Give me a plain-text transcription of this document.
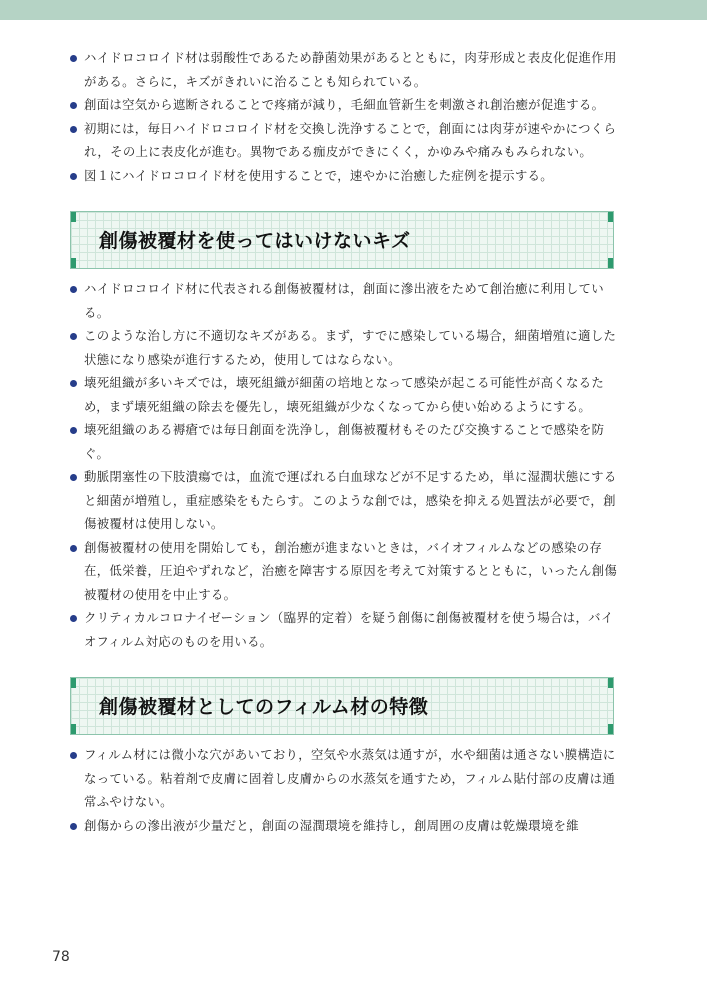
ハイドロコロイド材は弱酸性であるため静菌効果があるとともに，肉芽形成と表皮化促進作用がある。さらに，キズがきれいに治ることも知られている。
創面は空気から遮断されることで疼痛が減り，毛細血管新生を刺激され創治癒が促進する。
初期には，毎日ハイドロコロイド材を交換し洗浄することで，創面には肉芽が速やかにつくられ，その上に表皮化が進む。異物である痂皮ができにくく，かゆみや痛みもみられない。
図１にハイドロコロイド材を使用することで，速やかに治癒した症例を提示する。
創傷被覆材を使ってはいけないキズ
ハイドロコロイド材に代表される創傷被覆材は，創面に滲出液をためて創治癒に利用している。
このような治し方に不適切なキズがある。まず，すでに感染している場合，細菌増殖に適した状態になり感染が進行するため，使用してはならない。
壊死組織が多いキズでは，壊死組織が細菌の培地となって感染が起こる可能性が高くなるため，まず壊死組織の除去を優先し，壊死組織が少なくなってから使い始めるようにする。
壊死組織のある褥瘡では毎日創面を洗浄し，創傷被覆材もそのたび交換することで感染を防ぐ。
動脈閉塞性の下肢潰瘍では，血流で運ばれる白血球などが不足するため，単に湿潤状態にすると細菌が増殖し，重症感染をもたらす。このような創では，感染を抑える処置法が必要で，創傷被覆材は使用しない。
創傷被覆材の使用を開始しても，創治癒が進まないときは，バイオフィルムなどの感染の存在，低栄養，圧迫やずれなど，治癒を障害する原因を考えて対策するとともに，いったん創傷被覆材の使用を中止する。
クリティカルコロナイゼーション（臨界的定着）を疑う創傷に創傷被覆材を使う場合は，バイオフィルム対応のものを用いる。
創傷被覆材としてのフィルム材の特徴
フィルム材には微小な穴があいており，空気や水蒸気は通すが，水や細菌は通さない膜構造になっている。粘着剤で皮膚に固着し皮膚からの水蒸気を通すため，フィルム貼付部の皮膚は通常ふやけない。
創傷からの滲出液が少量だと，創面の湿潤環境を維持し，創周囲の皮膚は乾燥環境を維
78
